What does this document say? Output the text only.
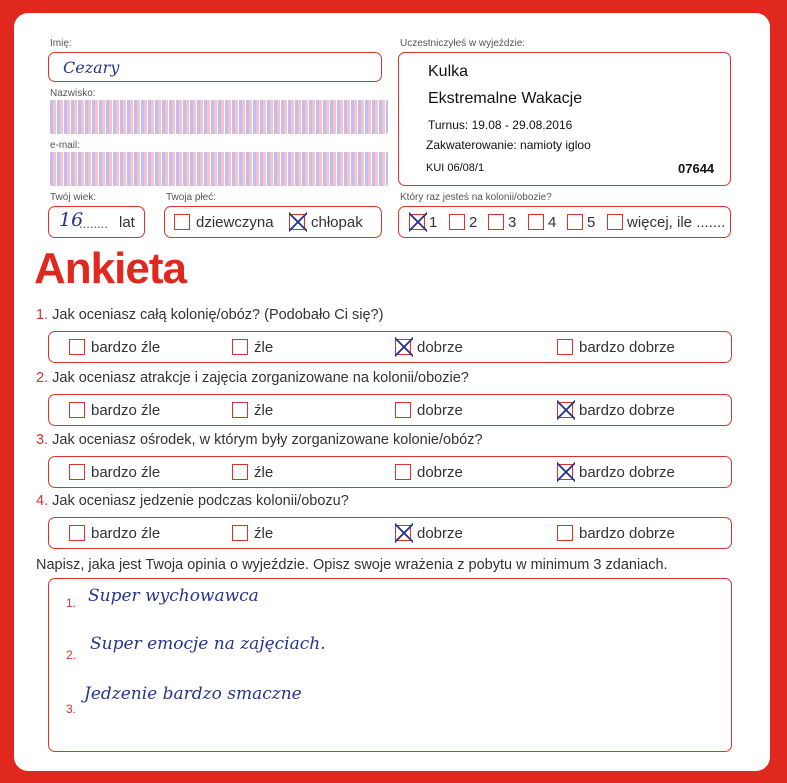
Imię:
Cezary
Nazwisko:
e-mail:
Uczestniczyłeś w wyjeździe:
Kulka
Ekstremalne Wakacje
Turnus: 19.08 - 29.08.2016
Zakwaterowanie: namioty igloo
KUI 06/08/1	07644
Twój wiek:
16
........ lat
Twoja płeć:
dziewczyna	chłopak
Który raz jesteś na kolonii/obozie?
1	2	3	4	5	więcej, ile .......
Ankieta
1. Jak oceniasz całą kolonię/obóz? (Podobało Ci się?)
bardzo źle	źle	dobrze	bardzo dobrze
2. Jak oceniasz atrakcje i zajęcia zorganizowane na kolonii/obozie?
bardzo źle	źle	dobrze	bardzo dobrze
3. Jak oceniasz ośrodek, w którym były zorganizowane kolonie/obóz?
bardzo źle	źle	dobrze	bardzo dobrze
4. Jak oceniasz jedzenie podczas kolonii/obozu?
bardzo źle	źle	dobrze	bardzo dobrze
Napisz, jaka jest Twoja opinia o wyjeździe. Opisz swoje wrażenia z pobytu w minimum 3 zdaniach.
1. Super wychowawca
2.
Super emocje na zajęciach.
3.
Jedzenie bardzo smaczne
